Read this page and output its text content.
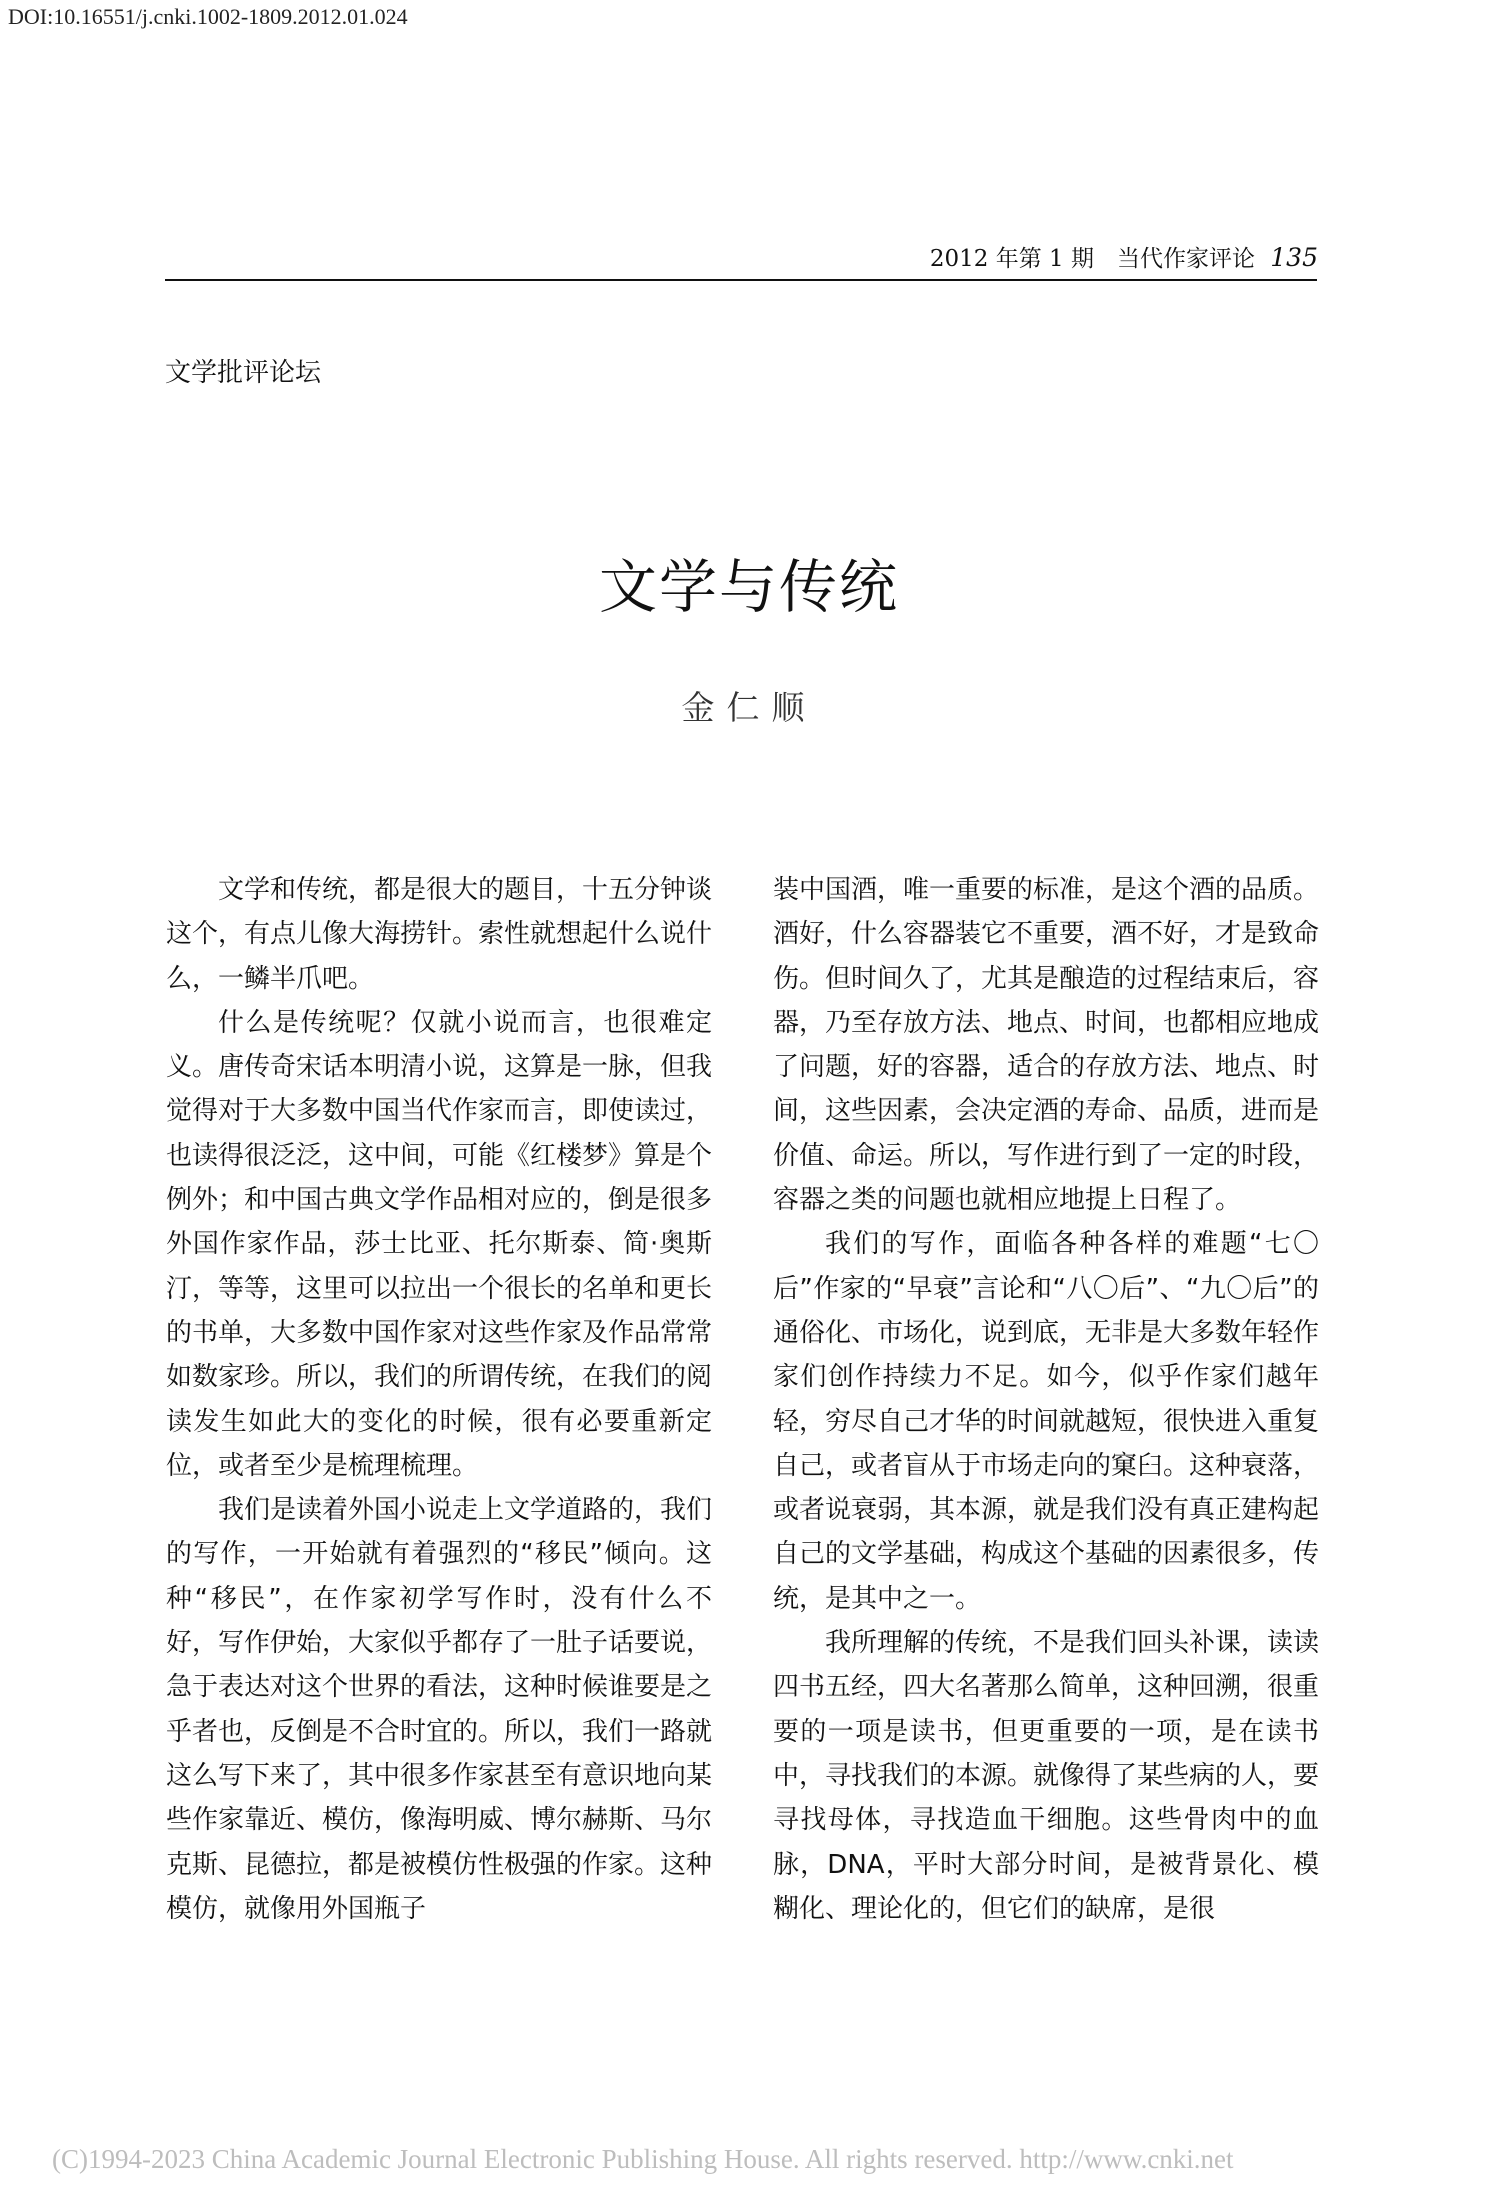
DOI:10.16551/j.cnki.1002-1809.2012.01.024
2012 年第 1 期　当代作家评论 135
文学批评论坛
文学与传统
金仁顺

文学和传统，都是很大的题目，十五分钟谈这个，有点儿像大海捞针。索性就想起什么说什么，一鳞半爪吧。

什么是传统呢？仅就小说而言，也很难定义。唐传奇宋话本明清小说，这算是一脉，但我觉得对于大多数中国当代作家而言，即使读过，也读得很泛泛，这中间，可能《红楼梦》算是个例外；和中国古典文学作品相对应的，倒是很多外国作家作品，莎士比亚、托尔斯泰、简·奥斯汀，等等，这里可以拉出一个很长的名单和更长的书单，大多数中国作家对这些作家及作品常常如数家珍。所以，我们的所谓传统，在我们的阅读发生如此大的变化的时候，很有必要重新定位，或者至少是梳理梳理。

我们是读着外国小说走上文学道路的，我们的写作，一开始就有着强烈的“移民”倾向。这种“移民”，在作家初学写作时，没有什么不好，写作伊始，大家似乎都存了一肚子话要说，急于表达对这个世界的看法，这种时候谁要是之乎者也，反倒是不合时宜的。所以，我们一路就这么写下来了，其中很多作家甚至有意识地向某些作家靠近、模仿，像海明威、博尔赫斯、马尔克斯、昆德拉，都是被模仿性极强的作家。这种模仿，就像用外国瓶子

装中国酒，唯一重要的标准，是这个酒的品质。酒好，什么容器装它不重要，酒不好，才是致命伤。但时间久了，尤其是酿造的过程结束后，容器，乃至存放方法、地点、时间，也都相应地成了问题，好的容器，适合的存放方法、地点、时间，这些因素，会决定酒的寿命、品质，进而是价值、命运。所以，写作进行到了一定的时段，容器之类的问题也就相应地提上日程了。

我们的写作，面临各种各样的难题“七〇后”作家的“早衰”言论和“八〇后”、“九〇后”的通俗化、市场化，说到底，无非是大多数年轻作家们创作持续力不足。如今，似乎作家们越年轻，穷尽自己才华的时间就越短，很快进入重复自己，或者盲从于市场走向的窠臼。这种衰落，或者说衰弱，其本源，就是我们没有真正建构起自己的文学基础，构成这个基础的因素很多，传统，是其中之一。

我所理解的传统，不是我们回头补课，读读四书五经，四大名著那么简单，这种回溯，很重要的一项是读书，但更重要的一项，是在读书中，寻找我们的本源。就像得了某些病的人，要寻找母体，寻找造血干细胞。这些骨肉中的血脉，DNA，平时大部分时间，是被背景化、模糊化、理论化的，但它们的缺席，是很

(C)1994-2023 China Academic Journal Electronic Publishing House. All rights reserved. http://www.cnki.net
